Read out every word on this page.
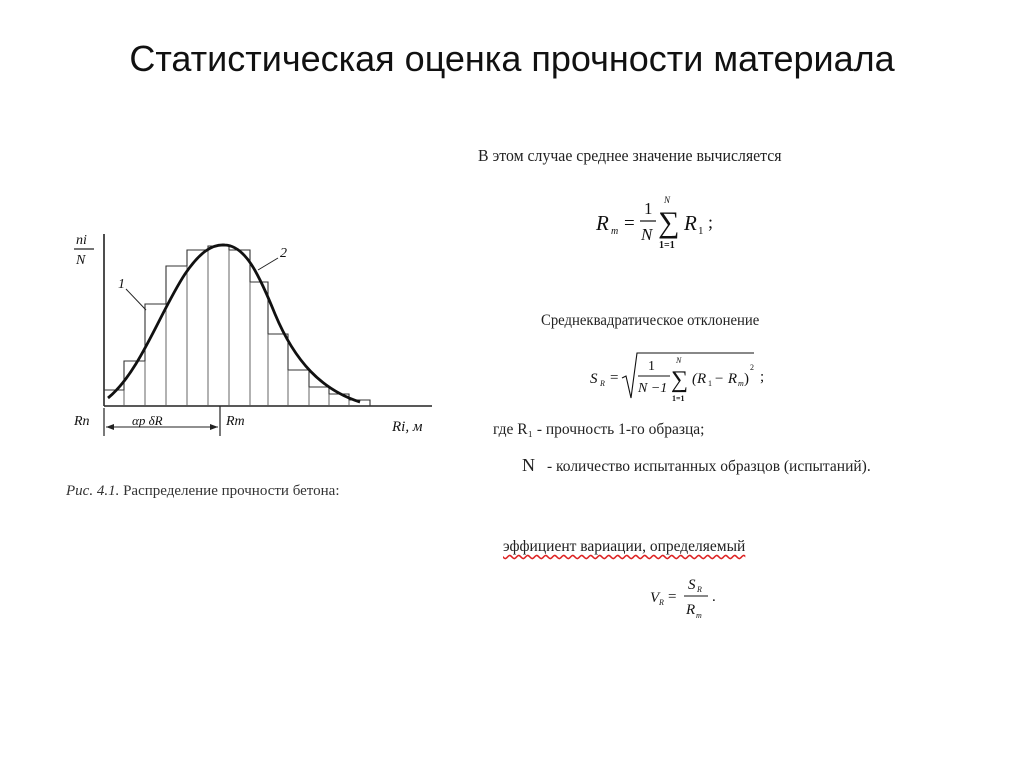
Статистическая оценка прочности материала
ni
N
1
2
Rn	αp δR	Rm	Ri, м
Рис. 4.1. Распределение прочности бетона:
В этом случае среднее значение вычисляется
R m =
1
N
N
∑
1=1
R 1 ;
Среднеквадратическое отклонение
S R =
1
N −1
N
∑
1=1
(R 1 − R m )
2
;
где R₁ - прочность 1-го образца;
N - количество испытанных образцов (испытаний).
эффициент вариации, определяемый
V R =
S R
R m
.
